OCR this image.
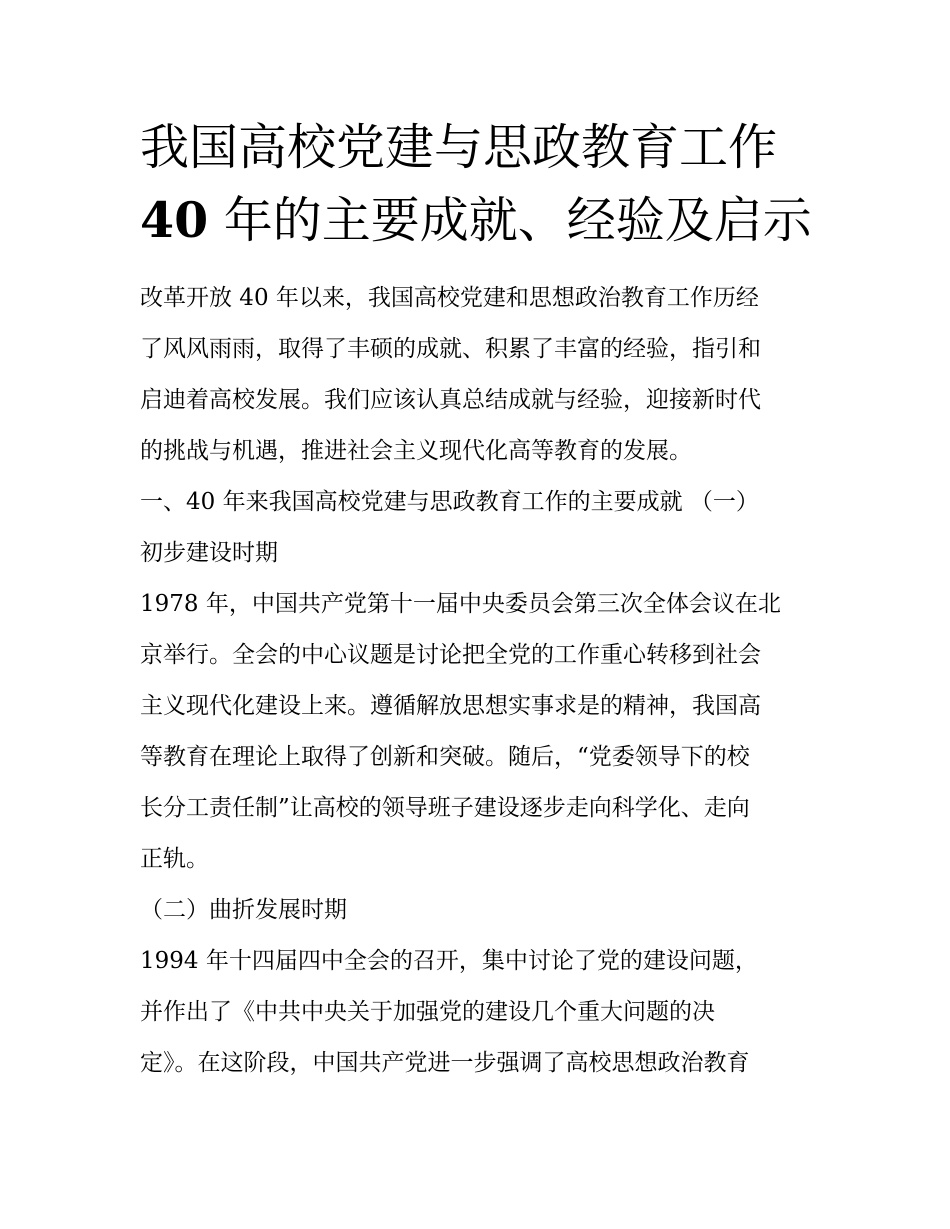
我国高校党建与思政教育工作
40 年的主要成就、经验及启示

改革开放 40 年以来，我国高校党建和思想政治教育工作历经

了风风雨雨，取得了丰硕的成就、积累了丰富的经验，指引和

启迪着高校发展。我们应该认真总结成就与经验，迎接新时代

的挑战与机遇，推进社会主义现代化高等教育的发展。

一、40 年来我国高校党建与思政教育工作的主要成就 （一）

初步建设时期

1978 年，中国共产党第十一届中央委员会第三次全体会议在北

京举行。全会的中心议题是讨论把全党的工作重心转移到社会

主义现代化建设上来。遵循解放思想实事求是的精神，我国高

等教育在理论上取得了创新和突破。随后，“党委领导下的校

长分工责任制”让高校的领导班子建设逐步走向科学化、走向

正轨。

（二）曲折发展时期

1994 年十四届四中全会的召开，集中讨论了党的建设问题，

并作出了《中共中央关于加强党的建设几个重大问题的决

定》。在这阶段，中国共产党进一步强调了高校思想政治教育
